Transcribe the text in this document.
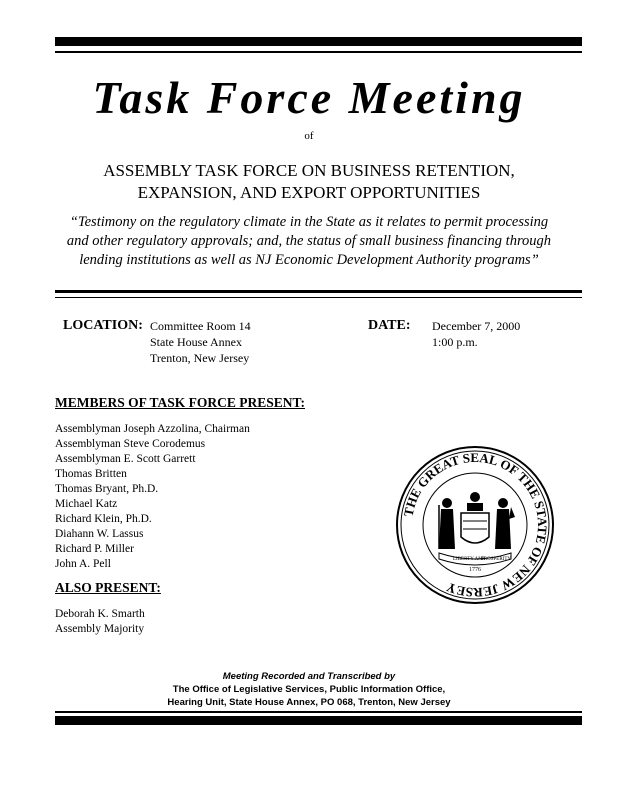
Task Force Meeting
of
ASSEMBLY TASK FORCE ON BUSINESS RETENTION,
EXPANSION, AND EXPORT OPPORTUNITIES
“Testimony on the regulatory climate in the State as it relates to permit processing and other regulatory approvals; and, the status of small business financing through lending institutions as well as NJ Economic Development Authority programs”
LOCATION: Committee Room 14
State House Annex
Trenton, New Jersey
DATE: December 7, 2000
1:00 p.m.
MEMBERS OF TASK FORCE PRESENT:
Assemblyman Joseph Azzolina, Chairman
Assemblyman Steve Corodemus
Assemblyman E. Scott Garrett
Thomas Britten
Thomas Bryant, Ph.D.
Michael Katz
Richard Klein, Ph.D.
Diahann W. Lassus
Richard P. Miller
John A. Pell
ALSO PRESENT:
Deborah K. Smarth
Assembly Majority
THE GREAT SEAL OF THE STATE OF NEW JERSEY
LIBERTY AND
PROSPERITY
1776
Meeting Recorded and Transcribed by
The Office of Legislative Services, Public Information Office,
Hearing Unit, State House Annex, PO 068, Trenton, New Jersey
